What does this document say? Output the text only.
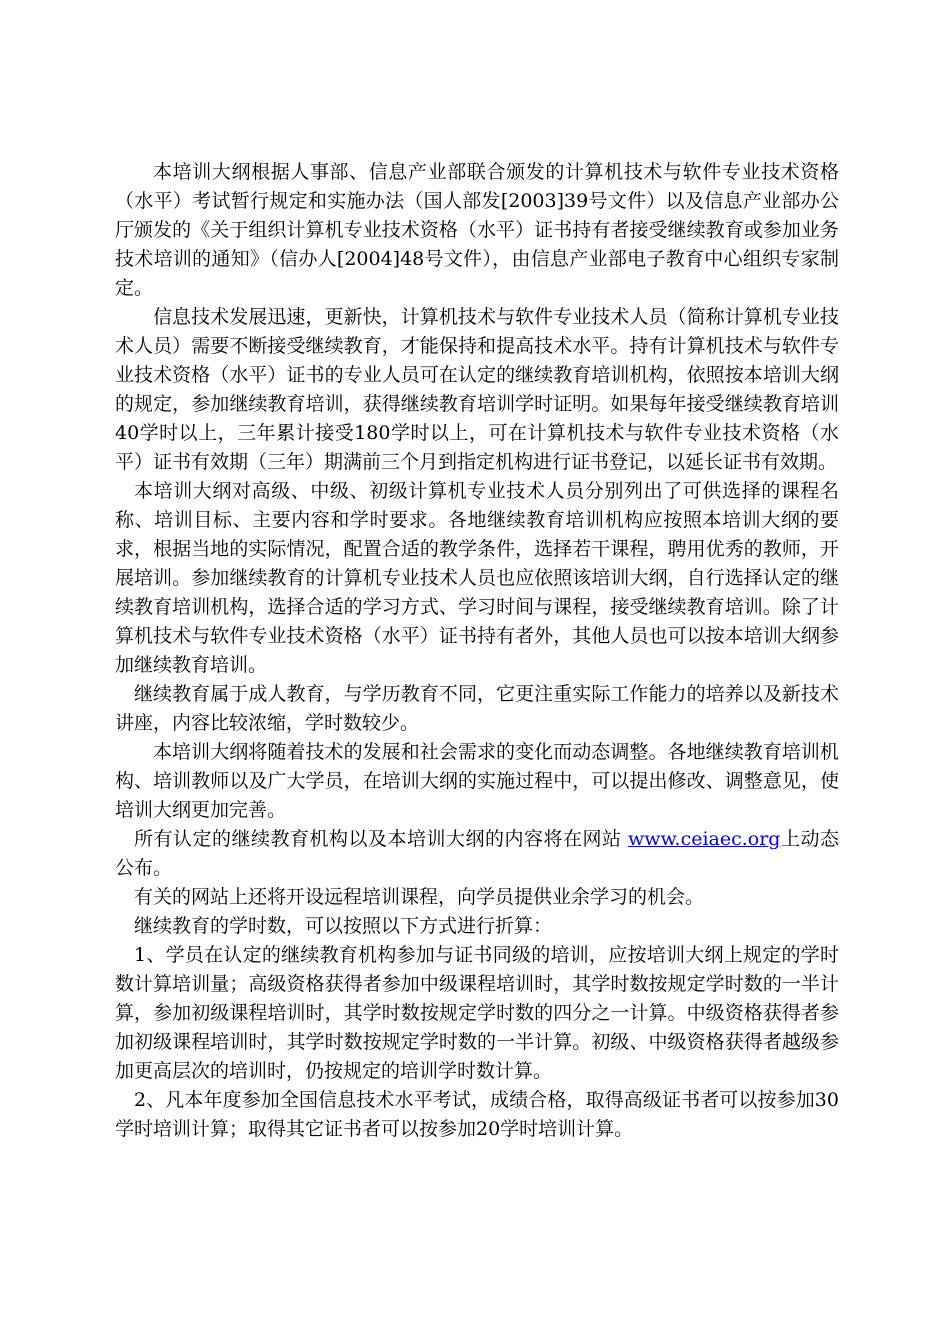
本培训大纲根据人事部、信息产业部联合颁发的计算机技术与软件专业技术资格（水平）考试暂行规定和实施办法（国人部发[2003]39号文件）以及信息产业部办公厅颁发的《关于组织计算机专业技术资格（水平）证书持有者接受继续教育或参加业务技术培训的通知》（信办人[2004]48号文件），由信息产业部电子教育中心组织专家制定。

信息技术发展迅速，更新快，计算机技术与软件专业技术人员（简称计算机专业技术人员）需要不断接受继续教育，才能保持和提高技术水平。持有计算机技术与软件专业技术资格（水平）证书的专业人员可在认定的继续教育培训机构，依照按本培训大纲的规定，参加继续教育培训，获得继续教育培训学时证明。如果每年接受继续教育培训40学时以上，三年累计接受180学时以上，可在计算机技术与软件专业技术资格（水平）证书有效期（三年）期满前三个月到指定机构进行证书登记，以延长证书有效期。

本培训大纲对高级、中级、初级计算机专业技术人员分别列出了可供选择的课程名称、培训目标、主要内容和学时要求。各地继续教育培训机构应按照本培训大纲的要求，根据当地的实际情况，配置合适的教学条件，选择若干课程，聘用优秀的教师，开展培训。参加继续教育的计算机专业技术人员也应依照该培训大纲，自行选择认定的继续教育培训机构，选择合适的学习方式、学习时间与课程，接受继续教育培训。除了计算机技术与软件专业技术资格（水平）证书持有者外，其他人员也可以按本培训大纲参加继续教育培训。

继续教育属于成人教育，与学历教育不同，它更注重实际工作能力的培养以及新技术讲座，内容比较浓缩，学时数较少。

本培训大纲将随着技术的发展和社会需求的变化而动态调整。各地继续教育培训机构、培训教师以及广大学员，在培训大纲的实施过程中，可以提出修改、调整意见，使培训大纲更加完善。

所有认定的继续教育机构以及本培训大纲的内容将在网站 www.ceiaec.org上动态公布。

有关的网站上还将开设远程培训课程，向学员提供业余学习的机会。

继续教育的学时数，可以按照以下方式进行折算：

1、学员在认定的继续教育机构参加与证书同级的培训，应按培训大纲上规定的学时数计算培训量；高级资格获得者参加中级课程培训时，其学时数按规定学时数的一半计算，参加初级课程培训时，其学时数按规定学时数的四分之一计算。中级资格获得者参加初级课程培训时，其学时数按规定学时数的一半计算。初级、中级资格获得者越级参加更高层次的培训时，仍按规定的培训学时数计算。

2、凡本年度参加全国信息技术水平考试，成绩合格，取得高级证书者可以按参加30学时培训计算；取得其它证书者可以按参加20学时培训计算。
